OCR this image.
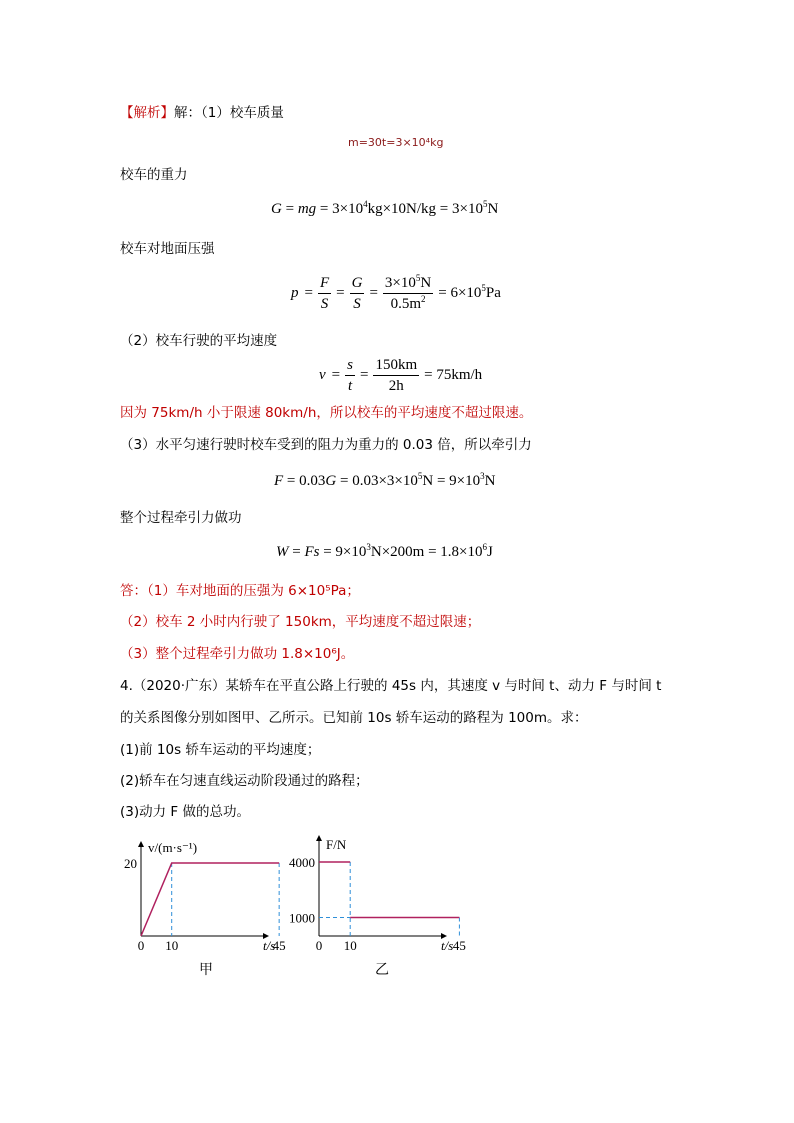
【解析】解：（1）校车质量
m=30t=3×10⁴kg
校车的重力
G = mg = $3\times 10^4kg\times 10N/kg = 3\times 10^5N$
校车对地面压强
$p = \frac{F}{S} = \frac{G}{S} = \frac{3\times 10^5N}{0.5m^2} = 6\times 10^5Pa$
（2）校车行驶的平均速度
$v = \frac{s}{t} = \frac{150km}{2h} = 75km/h$
因为 75km/h 小于限速 80km/h，所以校车的平均速度不超过限速。
（3）水平匀速行驶时校车受到的阻力为重力的 0.03 倍，所以牵引力
$F = 0.03G = 0.03\times 3\times 10^5N = 9\times 10^3N$
整个过程牵引力做功
$W = Fs = 9\times 10^3N\times 200m = 1.8\times 10^6J$
答：（1）车对地面的压强为 6×10⁵Pa；
（2）校车 2 小时内行驶了 150km，平均速度不超过限速；
（3）整个过程牵引力做功 1.8×10⁶J。
4.（2020·广东）某轿车在平直公路上行驶的 45s 内，其速度 v 与时间 t、动力 F 与时间 t
的关系图像分别如图甲、乙所示。已知前 10s 轿车运动的路程为 100m。求：
(1)前 10s 轿车运动的平均速度；
(2)轿车在匀速直线运动阶段通过的路程；
(3)动力 F 做的总功。
v/(m·s⁻¹)
t/s
0 10	45
甲
20
F/N
t/s
0 10	45
乙
4000
1000
